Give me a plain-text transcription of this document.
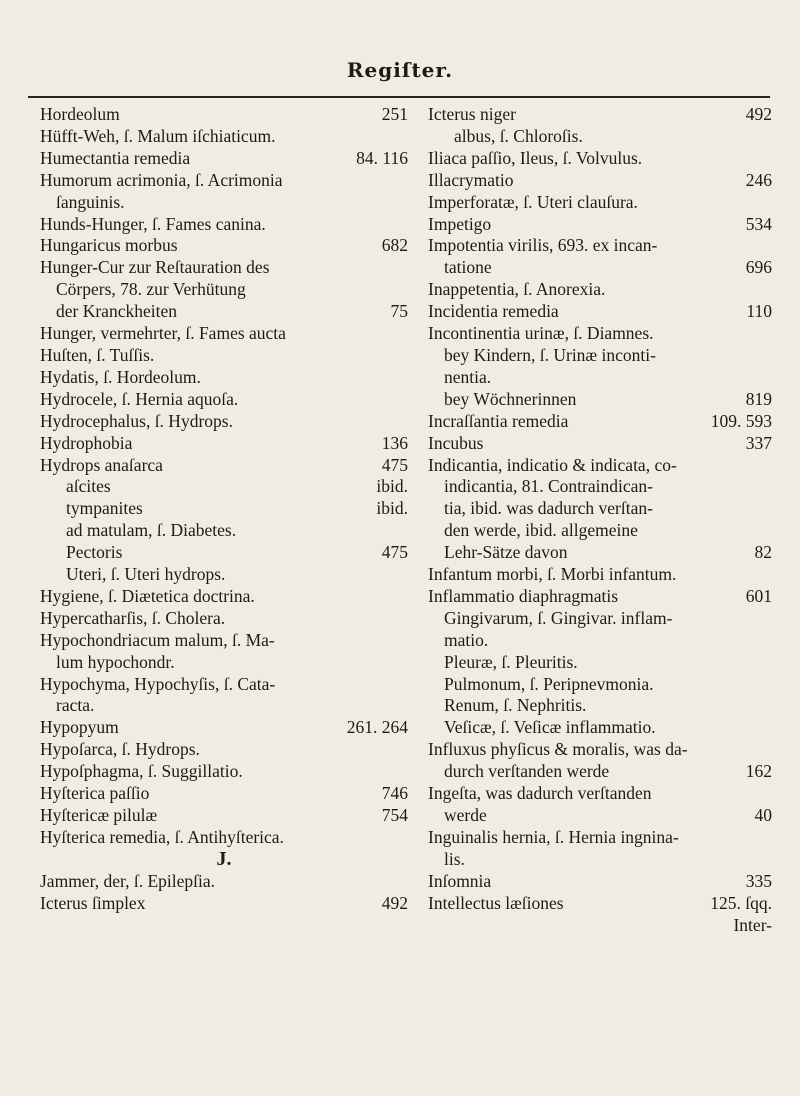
Regiſter.
Hordeolum	251
Hüfft-Weh, ſ. Malum iſchiaticum.
Humectantia remedia	84. 116
Humorum acrimonia, ſ. Acrimonia
ſanguinis.
Hunds-Hunger, ſ. Fames canina.
Hungaricus morbus	682
Hunger-Cur zur Reſtauration des
Cörpers, 78. zur Verhütung
der Kranckheiten	75
Hunger, vermehrter, ſ. Fames aucta
Huſten, ſ. Tuſſis.
Hydatis, ſ. Hordeolum.
Hydrocele, ſ. Hernia aquoſa.
Hydrocephalus, ſ. Hydrops.
Hydrophobia	136
Hydrops anaſarca	475
aſcites	ibid.
tympanites	ibid.
ad matulam, ſ. Diabetes.
Pectoris	475
Uteri, ſ. Uteri hydrops.
Hygiene, ſ. Diætetica doctrina.
Hypercatharſis, ſ. Cholera.
Hypochondriacum malum, ſ. Ma-
lum hypochondr.
Hypochyma, Hypochyſis, ſ. Cata-
racta.
Hypopyum	261. 264
Hypoſarca, ſ. Hydrops.
Hypoſphagma, ſ. Suggillatio.
Hyſterica paſſio	746
Hyſtericæ pilulæ	754
Hyſterica remedia, ſ. Antihyſterica.
J.
Jammer, der, ſ. Epilepſia.
Icterus ſimplex	492
Icterus niger	492
albus, ſ. Chloroſis.
Iliaca paſſio, Ileus, ſ. Volvulus.
Illacrymatio	246
Imperforatæ, ſ. Uteri clauſura.
Impetigo	534
Impotentia virilis, 693. ex incan-
tatione	696
Inappetentia, ſ. Anorexia.
Incidentia remedia	110
Incontinentia urinæ, ſ. Diamnes.
bey Kindern, ſ. Urinæ inconti-
nentia.
bey Wöchnerinnen	819
Incraſſantia remedia	109. 593
Incubus	337
Indicantia, indicatio & indicata, co-
indicantia, 81. Contraindican-
tia, ibid. was dadurch verſtan-
den werde, ibid. allgemeine
Lehr-Sätze davon	82
Infantum morbi, ſ. Morbi infantum.
Inflammatio diaphragmatis	601
Gingivarum, ſ. Gingivar. inflam-
matio.
Pleuræ, ſ. Pleuritis.
Pulmonum, ſ. Peripnevmonia.
Renum, ſ. Nephritis.
Veſicæ, ſ. Veſicæ inflammatio.
Influxus phyſicus & moralis, was da-
durch verſtanden werde	162
Ingeſta, was dadurch verſtanden
werde	40
Inguinalis hernia, ſ. Hernia ingnina-
lis.
Inſomnia	335
Intellectus læſiones	125. ſqq.
Inter-
